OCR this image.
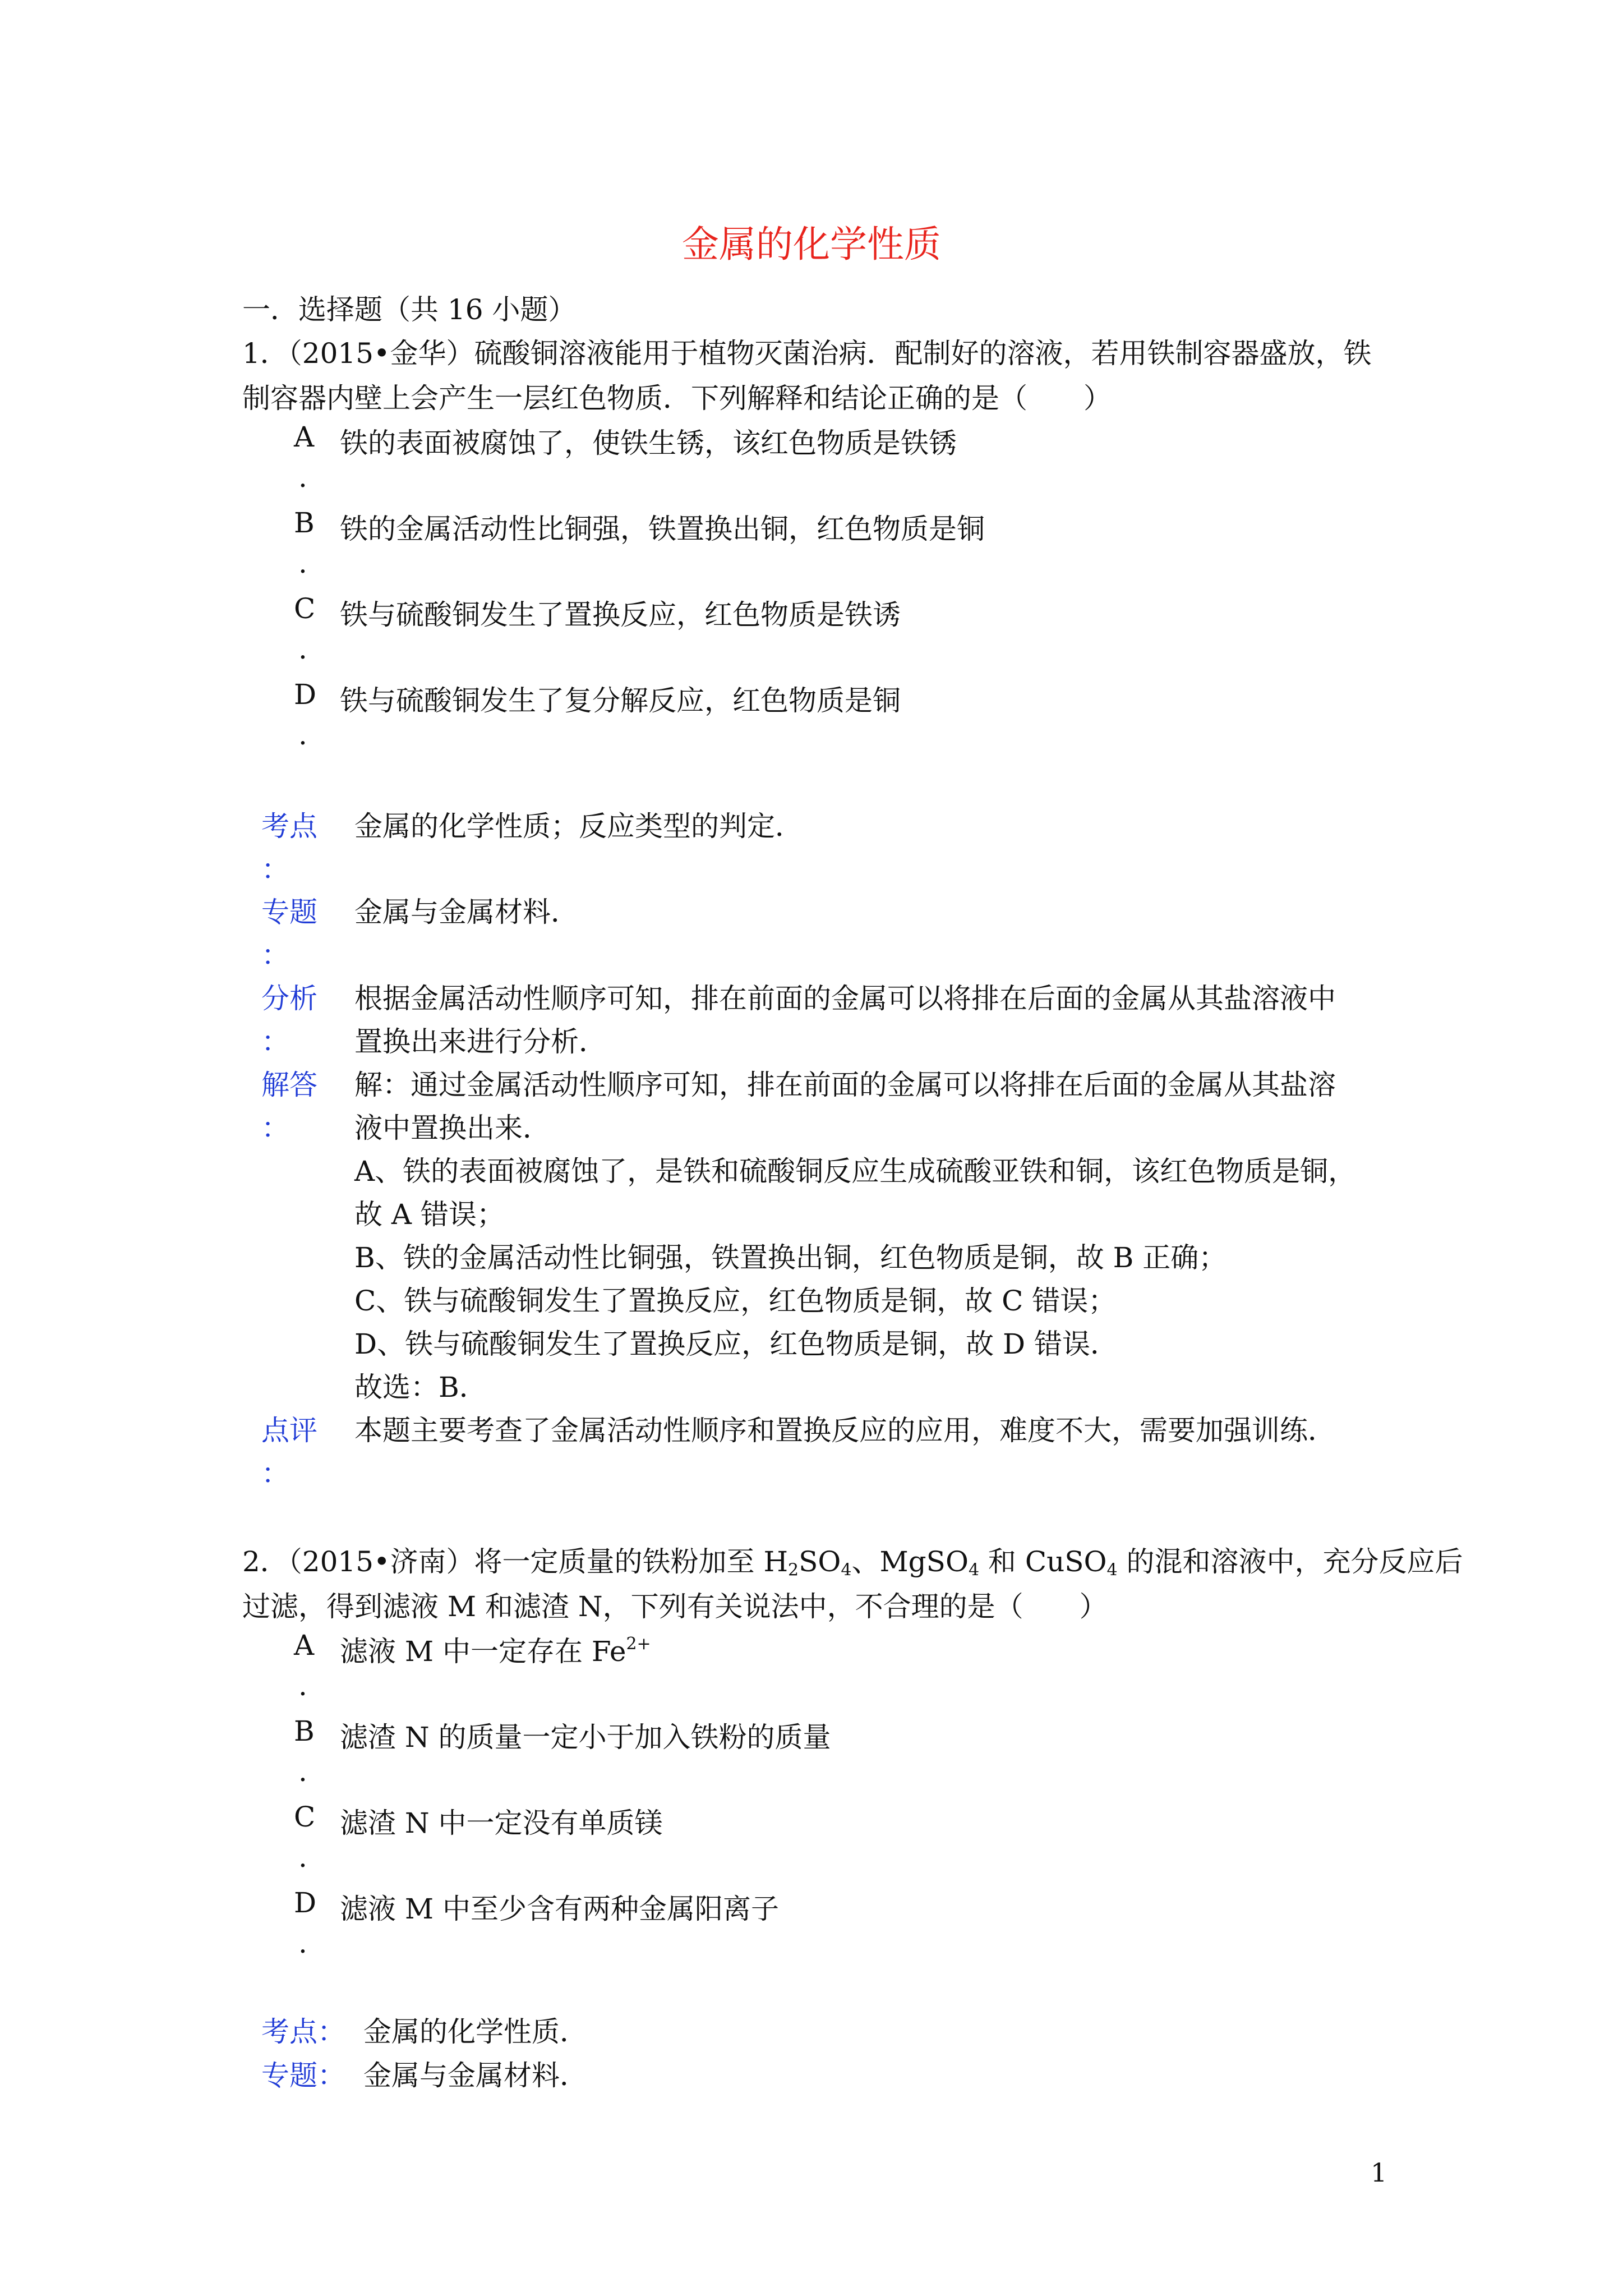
金属的化学性质
一．选择题（共 16 小题）
1．（2015•金华）硫酸铜溶液能用于植物灭菌治病．配制好的溶液，若用铁制容器盛放，铁
制容器内壁上会产生一层红色物质．下列解释和结论正确的是（　　）
A 铁的表面被腐蚀了，使铁生锈，该红色物质是铁锈
.
B 铁的金属活动性比铜强，铁置换出铜，红色物质是铜
.
C 铁与硫酸铜发生了置换反应，红色物质是铁诱
.
D 铁与硫酸铜发生了复分解反应，红色物质是铜
.
考点
：
金属的化学性质；反应类型的判定．
专题
：
金属与金属材料．
分析
：
根据金属活动性顺序可知，排在前面的金属可以将排在后面的金属从其盐溶液中
置换出来进行分析．
解答
：
解：通过金属活动性顺序可知，排在前面的金属可以将排在后面的金属从其盐溶
液中置换出来．
A、铁的表面被腐蚀了，是铁和硫酸铜反应生成硫酸亚铁和铜，该红色物质是铜，
故 A 错误；
B、铁的金属活动性比铜强，铁置换出铜，红色物质是铜，故 B 正确；
C、铁与硫酸铜发生了置换反应，红色物质是铜，故 C 错误；
D、铁与硫酸铜发生了置换反应，红色物质是铜，故 D 错误．
故选：B．
点评
：
本题主要考查了金属活动性顺序和置换反应的应用，难度不大，需要加强训练．
2．（2015•济南）将一定质量的铁粉加至 $H_2SO_4$、MgSO$_4$ 和 CuSO$_4$ 的混和溶液中，充分反应后
过滤，得到滤液 M 和滤渣 N，下列有关说法中，不合理的是（　　）
A 滤液 M 中一定存在 $Fe^{2+}$
.
B 滤渣 N 的质量一定小于加入铁粉的质量
.
C 滤渣 N 中一定没有单质镁
.
D 滤液 M 中至少含有两种金属阳离子
.
考点： 金属的化学性质．
专题： 金属与金属材料．
1
